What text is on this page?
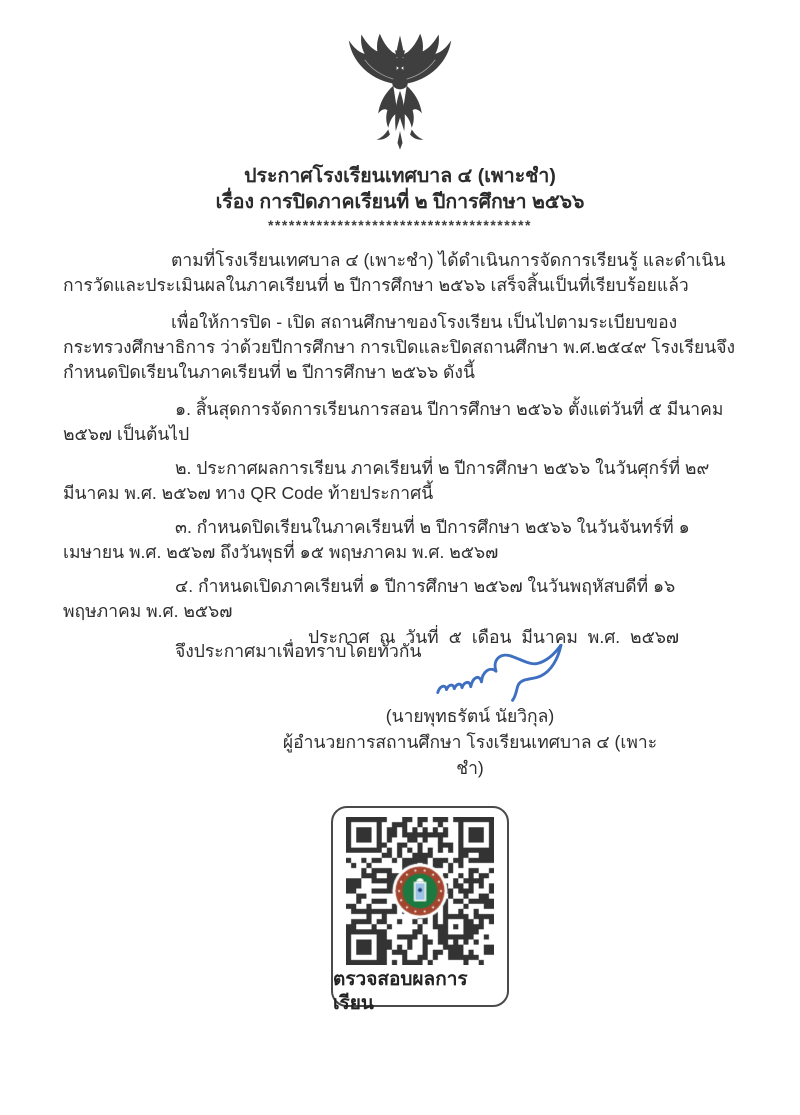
ประกาศโรงเรียนเทศบาล ๔ (เพาะชำ)
เรื่อง การปิดภาคเรียนที่ ๒ ปีการศึกษา ๒๕๖๖
**************************************

ตามที่โรงเรียนเทศบาล ๔ (เพาะชำ) ได้ดำเนินการจัดการเรียนรู้ และดำเนินการวัดและประเมินผลในภาคเรียนที่ ๒ ปีการศึกษา ๒๕๖๖ เสร็จสิ้นเป็นที่เรียบร้อยแล้ว

เพื่อให้การปิด - เปิด สถานศึกษาของโรงเรียน เป็นไปตามระเบียบของกระทรวงศึกษาธิการ ว่าด้วยปีการศึกษา การเปิดและปิดสถานศึกษา พ.ศ.๒๕๔๙ โรงเรียนจึงกำหนดปิดเรียนในภาคเรียนที่ ๒ ปีการศึกษา ๒๕๖๖ ดังนี้

๑. สิ้นสุดการจัดการเรียนการสอน ปีการศึกษา ๒๕๖๖ ตั้งแต่วันที่ ๕ มีนาคม ๒๕๖๗ เป็นต้นไป

๒. ประกาศผลการเรียน ภาคเรียนที่ ๒ ปีการศึกษา ๒๕๖๖ ในวันศุกร์ที่ ๒๙ มีนาคม พ.ศ. ๒๕๖๗ ทาง QR Code ท้ายประกาศนี้

๓. กำหนดปิดเรียนในภาคเรียนที่ ๒ ปีการศึกษา ๒๕๖๖ ในวันจันทร์ที่ ๑ เมษายน พ.ศ. ๒๕๖๗ ถึงวันพุธที่ ๑๕ พฤษภาคม พ.ศ. ๒๕๖๗

๔. กำหนดเปิดภาคเรียนที่ ๑ ปีการศึกษา ๒๕๖๗ ในวันพฤหัสบดีที่ ๑๖ พฤษภาคม พ.ศ. ๒๕๖๗

จึงประกาศมาเพื่อทราบโดยทั่วกัน

ประกาศ ณ วันที่ ๕ เดือน มีนาคม พ.ศ. ๒๕๖๗
(นายพุทธรัตน์ นัยวิกุล)
ผู้อำนวยการสถานศึกษา โรงเรียนเทศบาล ๔ (เพาะชำ)
ตรวจสอบผลการเรียน
